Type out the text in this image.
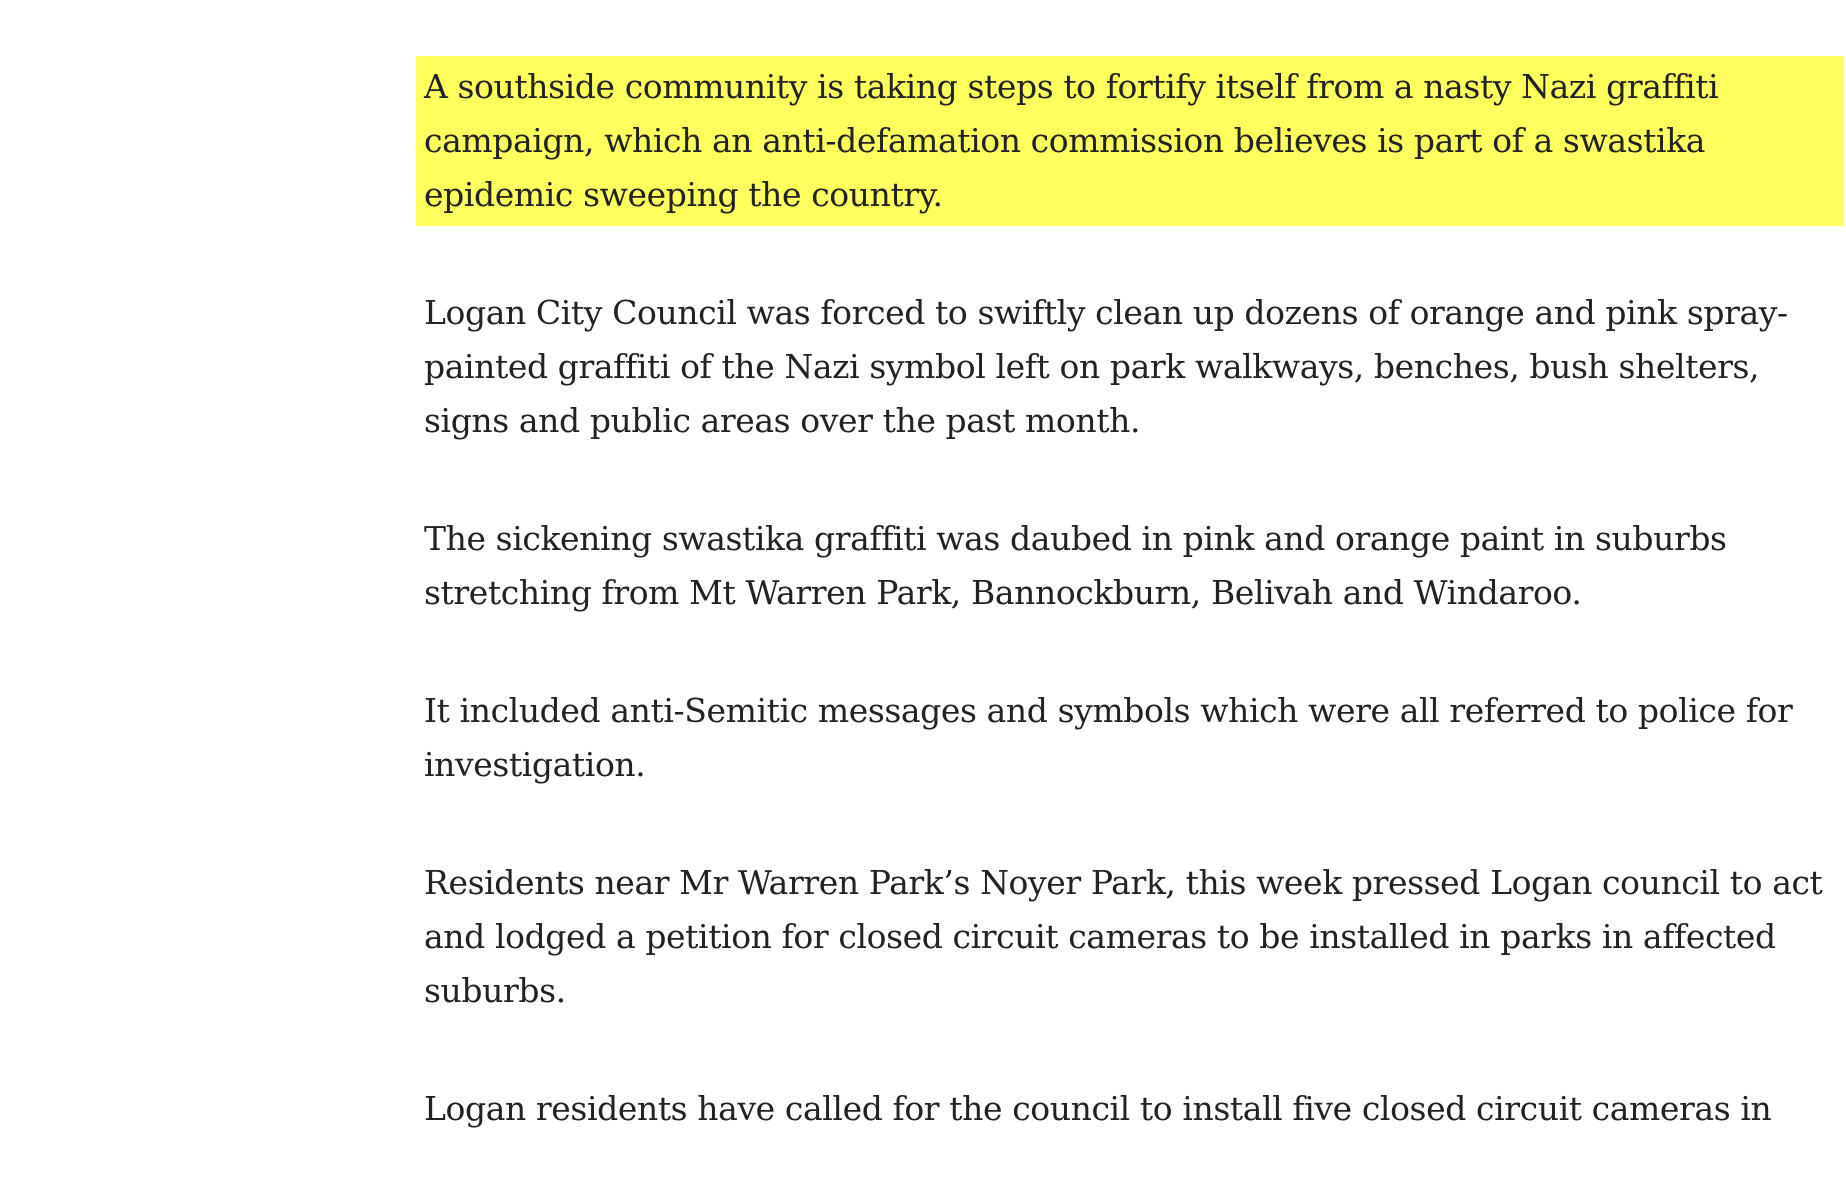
A southside community is taking steps to fortify itself from a nasty Nazi graffiti campaign, which an anti-defamation commission believes is part of a swastika epidemic sweeping the country.

Logan City Council was forced to swiftly clean up dozens of orange and pink spray-painted graffiti of the Nazi symbol left on park walkways, benches, bush shelters, signs and public areas over the past month.

The sickening swastika graffiti was daubed in pink and orange paint in suburbs stretching from Mt Warren Park, Bannockburn, Belivah and Windaroo.

It included anti-Semitic messages and symbols which were all referred to police for investigation.

Residents near Mr Warren Park’s Noyer Park, this week pressed Logan council to act and lodged a petition for closed circuit cameras to be installed in parks in affected suburbs.

Logan residents have called for the council to install five closed circuit cameras in
